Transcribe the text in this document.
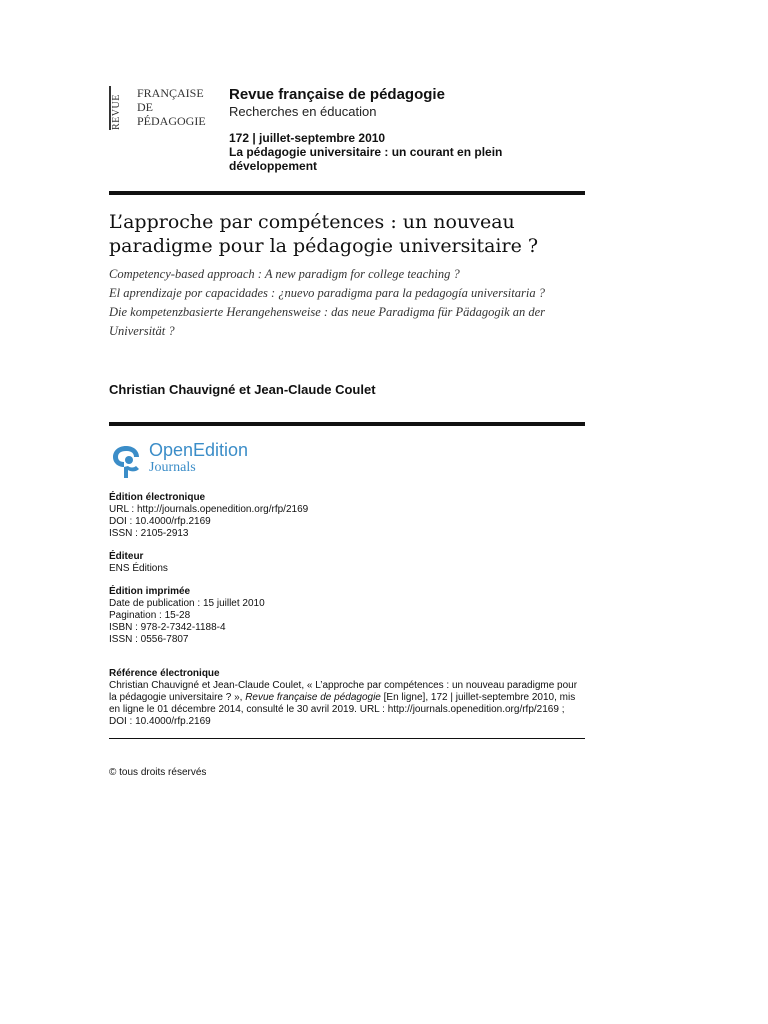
REVUE
FRANÇAISE
DE
PÉDAGOGIE
Revue française de pédagogie
Recherches en éducation
172 | juillet-septembre 2010
La pédagogie universitaire : un courant en plein développement
L’approche par compétences : un nouveau paradigme pour la pédagogie universitaire ?
Competency-based approach : A new paradigm for college teaching ?
El aprendizaje por capacidades : ¿nuevo paradigma para la pedagogía universitaria ?
Die kompetenzbasierte Herangehensweise : das neue Paradigma für Pädagogik an der Universität ?
Christian Chauvigné et Jean-Claude Coulet
OpenEdition
Journals
Édition électronique
URL : http://journals.openedition.org/rfp/2169
DOI : 10.4000/rfp.2169
ISSN : 2105-2913
Éditeur
ENS Éditions
Édition imprimée
Date de publication : 15 juillet 2010
Pagination : 15-28
ISBN : 978-2-7342-1188-4
ISSN : 0556-7807
Référence électronique
Christian Chauvigné et Jean-Claude Coulet, « L’approche par compétences : un nouveau paradigme pour la pédagogie universitaire ? », Revue française de pédagogie [En ligne], 172 | juillet-septembre 2010, mis en ligne le 01 décembre 2014, consulté le 30 avril 2019. URL : http://journals.openedition.org/rfp/2169 ; DOI : 10.4000/rfp.2169
© tous droits réservés
